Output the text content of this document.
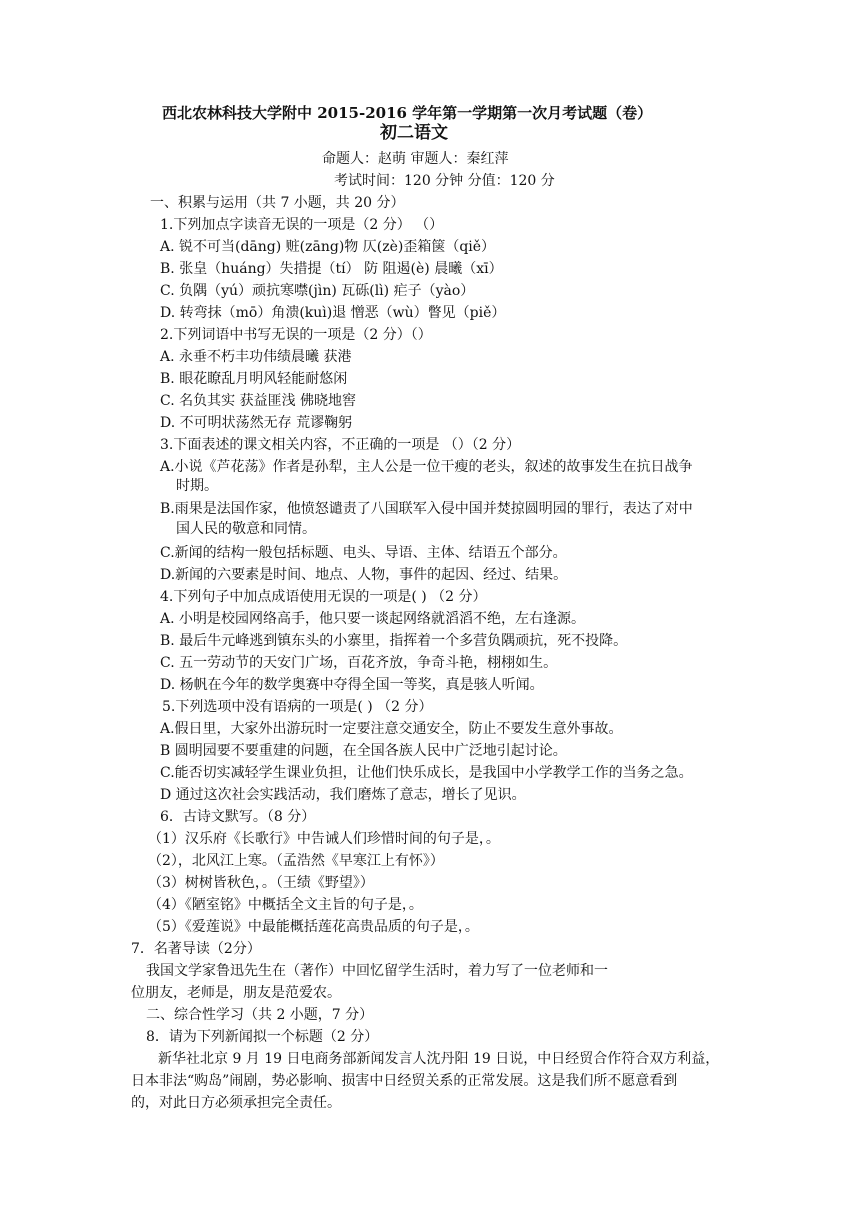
西北农林科技大学附中 2015-2016 学年第一学期第一次月考试题（卷）
初二语文
命题人：赵萌 审题人：秦红萍
考试时间：120 分钟 分值：120 分
一、积累与运用（共 7 小题，共 20 分）
1.下列加点字读音无误的一项是（2 分） （）
A. 锐不可当(dāng) 赃(zāng)物 仄(zè)歪箱箧（qiě）
B. 张皇（huáng）失措提（tí） 防 阻遏(è) 晨曦（xī）
C. 负隅（yú）顽抗寒噤(jìn) 瓦砾(lì) 疟子（yào）
D. 转弯抹（mō）角溃(kuì)退 憎恶（wù）瞥见（piě）
2.下列词语中书写无误的一项是（2 分）（）
A. 永垂不朽丰功伟绩晨曦 获港
B. 眼花瞭乱月明风轻能耐悠闲
C. 名负其实 获益匪浅 佛晓地窖
D. 不可明状荡然无存 荒谬鞠躬
3.下面表述的课文相关内容，不正确的一项是 （）（2 分）
A.小说《芦花荡》作者是孙犁，主人公是一位干瘦的老头，叙述的故事发生在抗日战争
时期。
B.雨果是法国作家，他愤怒谴责了八国联军入侵中国并焚掠圆明园的罪行，表达了对中
国人民的敬意和同情。
C.新闻的结构一般包括标题、电头、导语、主体、结语五个部分。
D.新闻的六要素是时间、地点、人物，事件的起因、经过、结果。
4.下列句子中加点成语使用无误的一项是( ) （2 分）
A. 小明是校园网络高手，他只要一谈起网络就滔滔不绝，左右逢源。
B. 最后牛元峰逃到镇东头的小寨里，指挥着一个多营负隅顽抗，死不投降。
C. 五一劳动节的天安门广场，百花齐放，争奇斗艳，栩栩如生。
D. 杨帆在今年的数学奥赛中夺得全国一等奖，真是骇人听闻。
5.下列选项中没有语病的一项是( ) （2 分）
A.假日里，大家外出游玩时一定要注意交通安全，防止不要发生意外事故。
B 圆明园要不要重建的问题，在全国各族人民中广泛地引起讨论。
C.能否切实减轻学生课业负担，让他们快乐成长，是我国中小学教学工作的当务之急。
D 通过这次社会实践活动，我们磨炼了意志，增长了见识。
6．古诗文默写。（8 分）
（1）汉乐府《长歌行》中告诫人们珍惜时间的句子是，。
（2），北风江上寒。（孟浩然《早寒江上有怀》）
（3）树树皆秋色，。（王绩《野望》）
（4）《陋室铭》中概括全文主旨的句子是，。
（5）《爱莲说》中最能概括莲花高贵品质的句子是，。
7．名著导读（2分）
我国文学家鲁迅先生在（著作）中回忆留学生活时，着力写了一位老师和一
位朋友，老师是，朋友是范爱农。
二、综合性学习（共 2 小题，7 分）
8．请为下列新闻拟一个标题（2 分）
新华社北京 9 月 19 日电商务部新闻发言人沈丹阳 19 日说，中日经贸合作符合双方利益，
日本非法“购岛”闹剧，势必影响、损害中日经贸关系的正常发展。这是我们所不愿意看到
的，对此日方必须承担完全责任。
